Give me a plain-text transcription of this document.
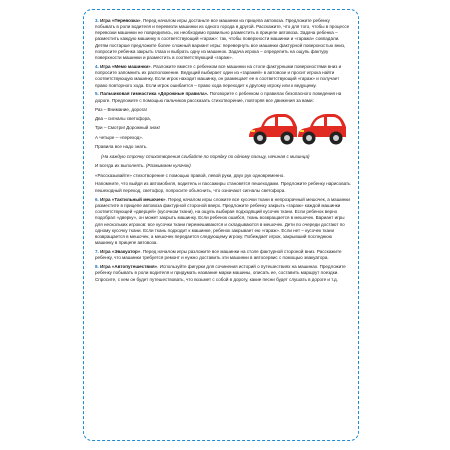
3. Игра «Перевозка». Перед началом игры достаньте все машинки из прицепа автовоза. Предложите ребенку побывать в роли водителя и перевезти машинки из одного города в другой. Расскажите, что для того, чтобы в процессе перевозки машинки не повредились, их необходимо правильно разместить в прицепе автовоза. Задача ребенка – разместить каждую машинку в соответствующий «гараж»: так, чтобы поверхности машинки и «гаража» совпадали. Детям постарше предложите более сложный вариант игры: перевернуть все машинки фактурной поверхностью вниз, попросите ребенка закрыть глаза и выбрать одну из машинок. Задача игрока – определить на ощупь фактуру поверхности машинки и разместить в соответствующий «гараж».

4. Игра «Мемо машинки». Разложите вместе с ребенком все машинки на столе фактурными поверхностями вниз и попросите запомнить их расположение. Ведущий выбирает один из «гаражей» в автовозе и просит игрока найти соответствующую машинку. Если игрок находит машинку, он размещает ее в соответствующий «гараж» и получает право повторного хода. Если игрок ошибается – право хода переходит к другому игроку или к ведущему.

5. Пальчиковая гимнастика «Дорожные правила». Поговорите с ребенком о правилах безопасного поведения на дороге. Предложите с помощью пальчиков рассказать стихотворение, повторяя все движения за вами:

Раз – Внимание, дорога!

Два – сигналы светофора,

Три – Смотри! Дорожный знак!

А четыре – «переход».

Правила все надо знать.

(На каждую строчку стихотворения сгибайте по порядку по одному пальцу, начиная с мизинца)

И всегда их выполнять. (Разжимаем кулачок)

«Рассказывайте» стихотворение с помощью правой, левой руки, двух рук одновременно.

Напомните, что выйдя из автомобиля, водитель и пассажиры становятся пешеходами. Предложите ребенку нарисовать пешеходный переход, светофор, попросите объяснить, что означают сигналы светофора.

6. Игра «Тактильный мешочек». Перед началом игры сложите все кусочки ткани в непрозрачный мешочек, а машинки разместите в прицепе автовоза фактурной стороной вверх. Предложите ребенку закрыть «гараж» каждой машинки соответствующей «дверцей» (кусочком ткани), на ощупь выбирая подходящий кусочек ткани. Если ребенок верно подобрал «дверку», он может закрыть машинку. Если ребенок ошибся, ткань возвращается в мешочек. Вариант игры для нескольких игроков: все кусочки ткани перемешиваются и складываются в мешочек. Дети по очереди достают по одному кусочку ткани. Если ткань подходит к машинке, ребенок закрывает ею «гараж». Если нет – кусочек ткани возвращается в мешочек, а мешочек передается следующему игроку. Побеждает игрок, закрывший последнюю машинку в прицепе автовоза.

7. Игра «Эвакуатор». Перед началом игры разложите все машинки на столе фактурной стороной вниз. Расскажите ребенку, что машинки требуется ремонт и нужно доставить эти машинки в автосервис с помощью эвакуатора.

8. Игра «Автопутешествия». Используйте фигурки для сочинения историй о путешествиях на машинах. Предложите ребенку побывать в роли водителя и придумать название марки машины, описать ее, составить маршрут поездки. Спросите, с кем он будет путешествовать, что возьмет с собой в дорогу, какие песни будет слушать в дороге и т.д.
